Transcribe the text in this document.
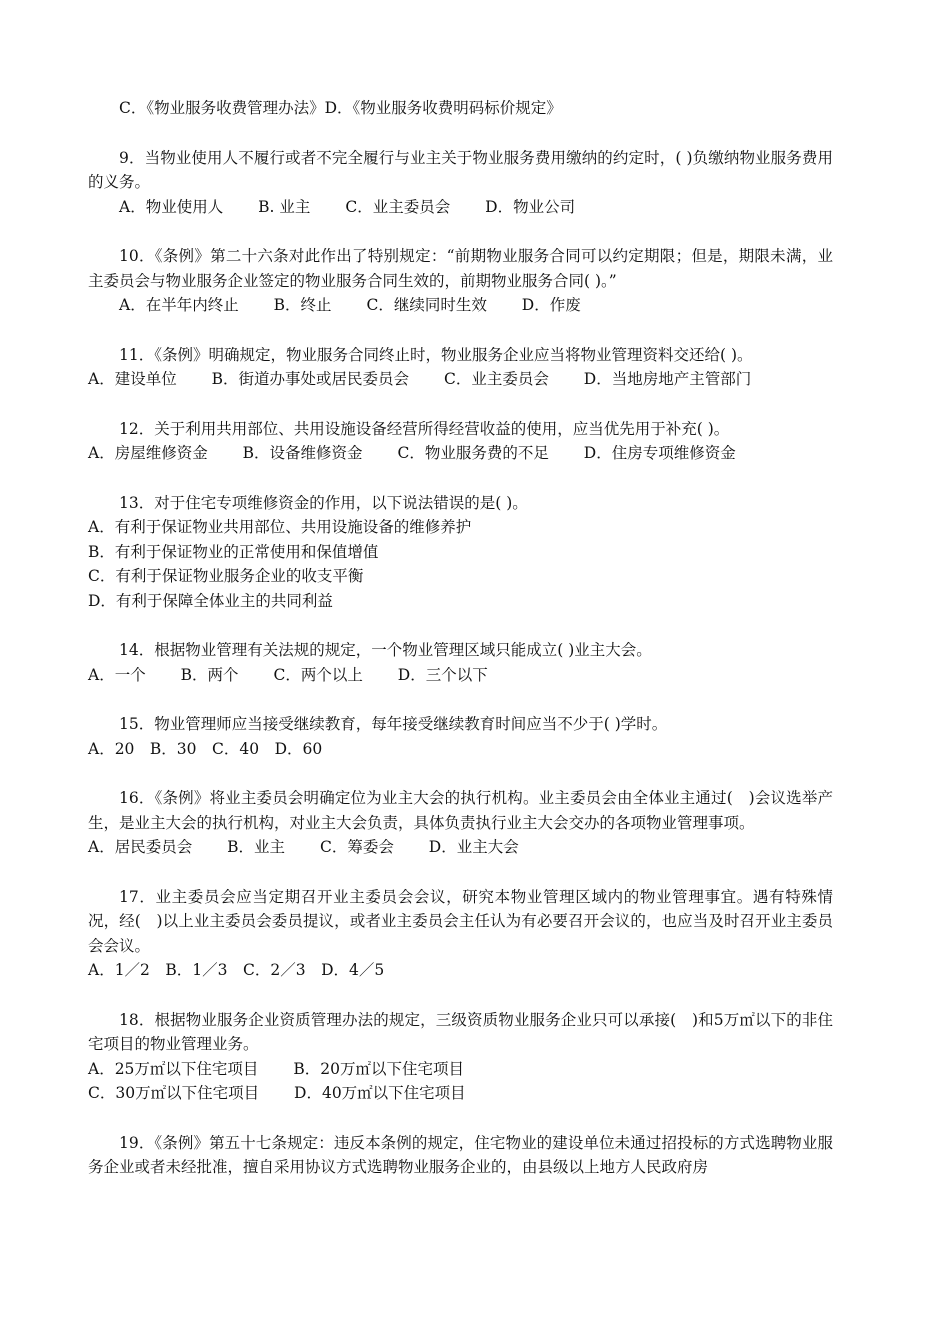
C．《物业服务收费管理办法》D．《物业服务收费明码标价规定》
9．当物业使用人不履行或者不完全履行与业主关于物业服务费用缴纳的约定时，( )负缴纳物业服务费用的义务。
A．物业使用人 B. 业主 C．业主委员会 D．物业公司
10．《条例》第二十六条对此作出了特别规定：“前期物业服务合同可以约定期限；但是，期限未满，业主委员会与物业服务企业签定的物业服务合同生效的，前期物业服务合同( )。”
A．在半年内终止 B．终止 C．继续同时生效 D．作废
11．《条例》明确规定，物业服务合同终止时，物业服务企业应当将物业管理资料交还给( )。
A．建设单位 B．街道办事处或居民委员会 C．业主委员会 D．当地房地产主管部门
12．关于利用共用部位、共用设施设备经营所得经营收益的使用，应当优先用于补充( )。
A．房屋维修资金 B．设备维修资金 C．物业服务费的不足 D．住房专项维修资金
13．对于住宅专项维修资金的作用，以下说法错误的是( )。
A．有利于保证物业共用部位、共用设施设备的维修养护
B．有利于保证物业的正常使用和保值增值
C．有利于保证物业服务企业的收支平衡
D．有利于保障全体业主的共同利益
14．根据物业管理有关法规的规定，一个物业管理区域只能成立( )业主大会。
A．一个 B．两个 C．两个以上 D．三个以下
15．物业管理师应当接受继续教育，每年接受继续教育时间应当不少于( )学时。
A．20　B．30　C．40　D．60
16．《条例》将业主委员会明确定位为业主大会的执行机构。业主委员会由全体业主通过(　)会议选举产生，是业主大会的执行机构，对业主大会负责，具体负责执行业主大会交办的各项物业管理事项。
A．居民委员会 B．业主 C．筹委会 D．业主大会
17．业主委员会应当定期召开业主委员会会议，研究本物业管理区域内的物业管理事宜。遇有特殊情况，经(　)以上业主委员会委员提议，或者业主委员会主任认为有必要召开会议的，也应当及时召开业主委员会会议。
A．1／2　B．1／3　C．2／3　D．4／5
18．根据物业服务企业资质管理办法的规定，三级资质物业服务企业只可以承接(　)和5万㎡以下的非住宅项目的物业管理业务。
A．25万㎡以下住宅项目 B．20万㎡以下住宅项目
C．30万㎡以下住宅项目 D．40万㎡以下住宅项目
19．《条例》第五十七条规定：违反本条例的规定，住宅物业的建设单位未通过招投标的方式选聘物业服务企业或者未经批准，擅自采用协议方式选聘物业服务企业的，由县级以上地方人民政府房
